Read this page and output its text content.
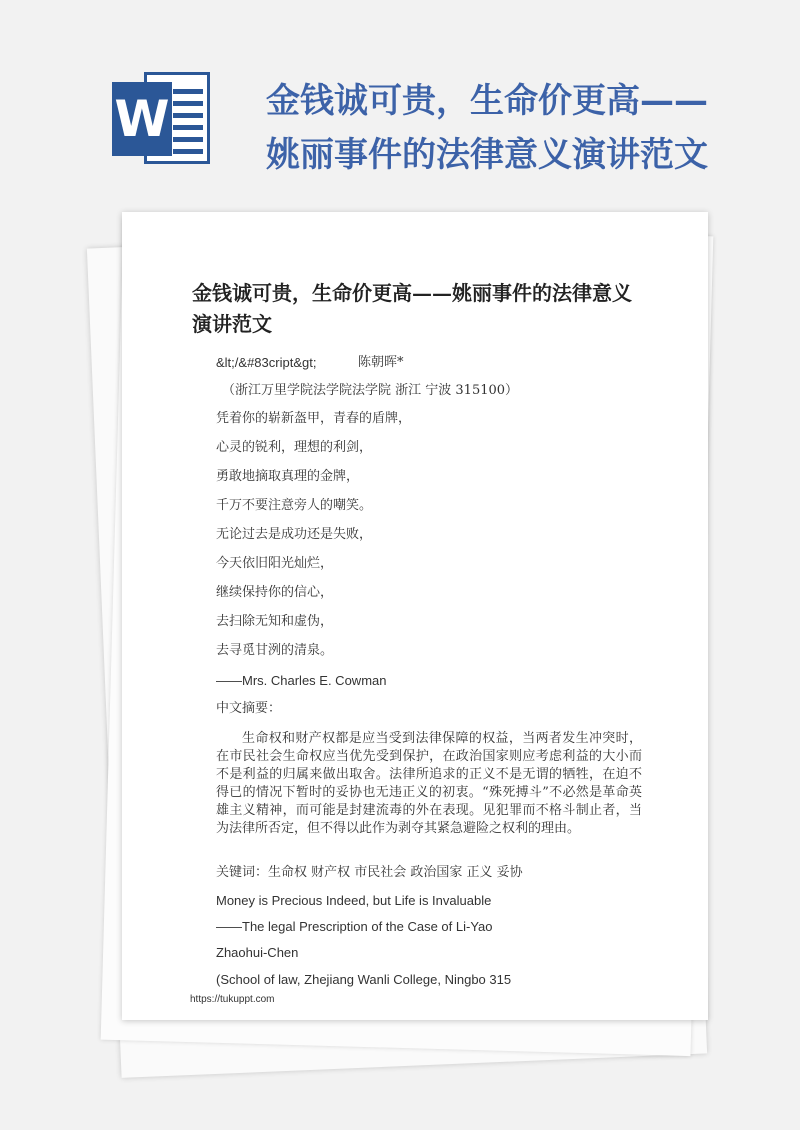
W	金钱诚可贵，生命价更高——
姚丽事件的法律意义演讲范文
金钱诚可贵，生命价更高——姚丽事件的法律意义
演讲范文
&lt;/&#83cript&gt;	陈朝晖*
（浙江万里学院法学院法学院 浙江 宁波 315100）
凭着你的崭新盔甲，青春的盾牌，
心灵的锐利，理想的利剑，
勇敢地摘取真理的金牌，
千万不要注意旁人的嘲笑。
无论过去是成功还是失败，
今天依旧阳光灿烂，
继续保持你的信心，
去扫除无知和虚伪，
去寻觅甘洌的清泉。
——Mrs. Charles E. Cowman
中文摘要：

生命权和财产权都是应当受到法律保障的权益，当两者发生冲突时，在市民社会生命权应当优先受到保护，在政治国家则应考虑利益的大小而不是利益的归属来做出取舍。法律所追求的正义不是无谓的牺牲，在迫不得已的情况下暂时的妥协也无违正义的初衷。“殊死搏斗”不必然是革命英雄主义精神，而可能是封建流毒的外在表现。见犯罪而不格斗制止者，当为法律所否定，但不得以此作为剥夺其紧急避险之权利的理由。

关键词：生命权 财产权 市民社会 政治国家 正义 妥协
Money is Precious Indeed, but Life is Invaluable
——The legal Prescription of the Case of Li-Yao
Zhaohui-Chen
(School of law, Zhejiang Wanli College, Ningbo 315
https://tukuppt.com
